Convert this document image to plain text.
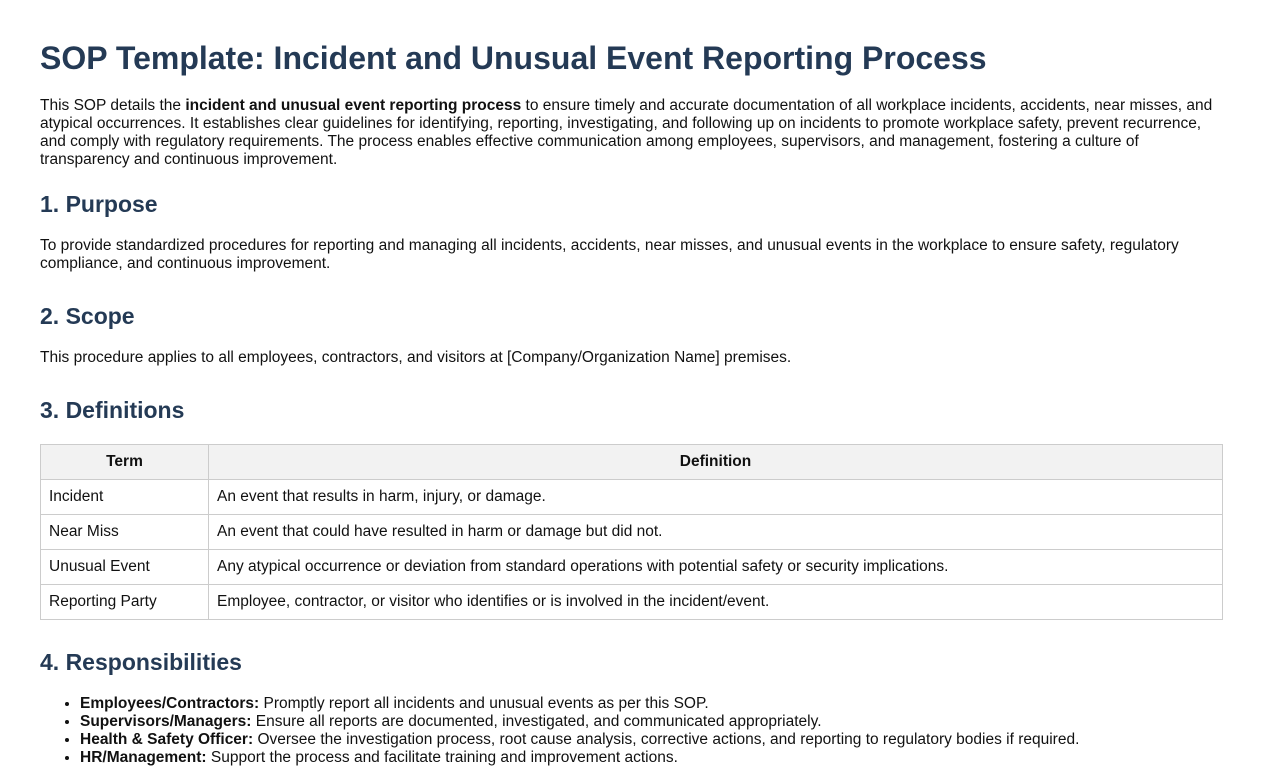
SOP Template: Incident and Unusual Event Reporting Process

This SOP details the incident and unusual event reporting process to ensure timely and accurate documentation of all workplace incidents, accidents, near misses, and atypical occurrences. It establishes clear guidelines for identifying, reporting, investigating, and following up on incidents to promote workplace safety, prevent recurrence, and comply with regulatory requirements. The process enables effective communication among employees, supervisors, and management, fostering a culture of transparency and continuous improvement.

1. Purpose

To provide standardized procedures for reporting and managing all incidents, accidents, near misses, and unusual events in the workplace to ensure safety, regulatory compliance, and continuous improvement.

2. Scope

This procedure applies to all employees, contractors, and visitors at [Company/Organization Name] premises.

3. Definitions
Term	Definition
Incident	An event that results in harm, injury, or damage.
Near Miss	An event that could have resulted in harm or damage but did not.
Unusual Event	Any atypical occurrence or deviation from standard operations with potential safety or security implications.
Reporting Party	Employee, contractor, or visitor who identifies or is involved in the incident/event.
4. Responsibilities
• Employees/Contractors: Promptly report all incidents and unusual events as per this SOP.
• Supervisors/Managers: Ensure all reports are documented, investigated, and communicated appropriately.
• Health & Safety Officer: Oversee the investigation process, root cause analysis, corrective actions, and reporting to regulatory bodies if required.
• HR/Management: Support the process and facilitate training and improvement actions.
